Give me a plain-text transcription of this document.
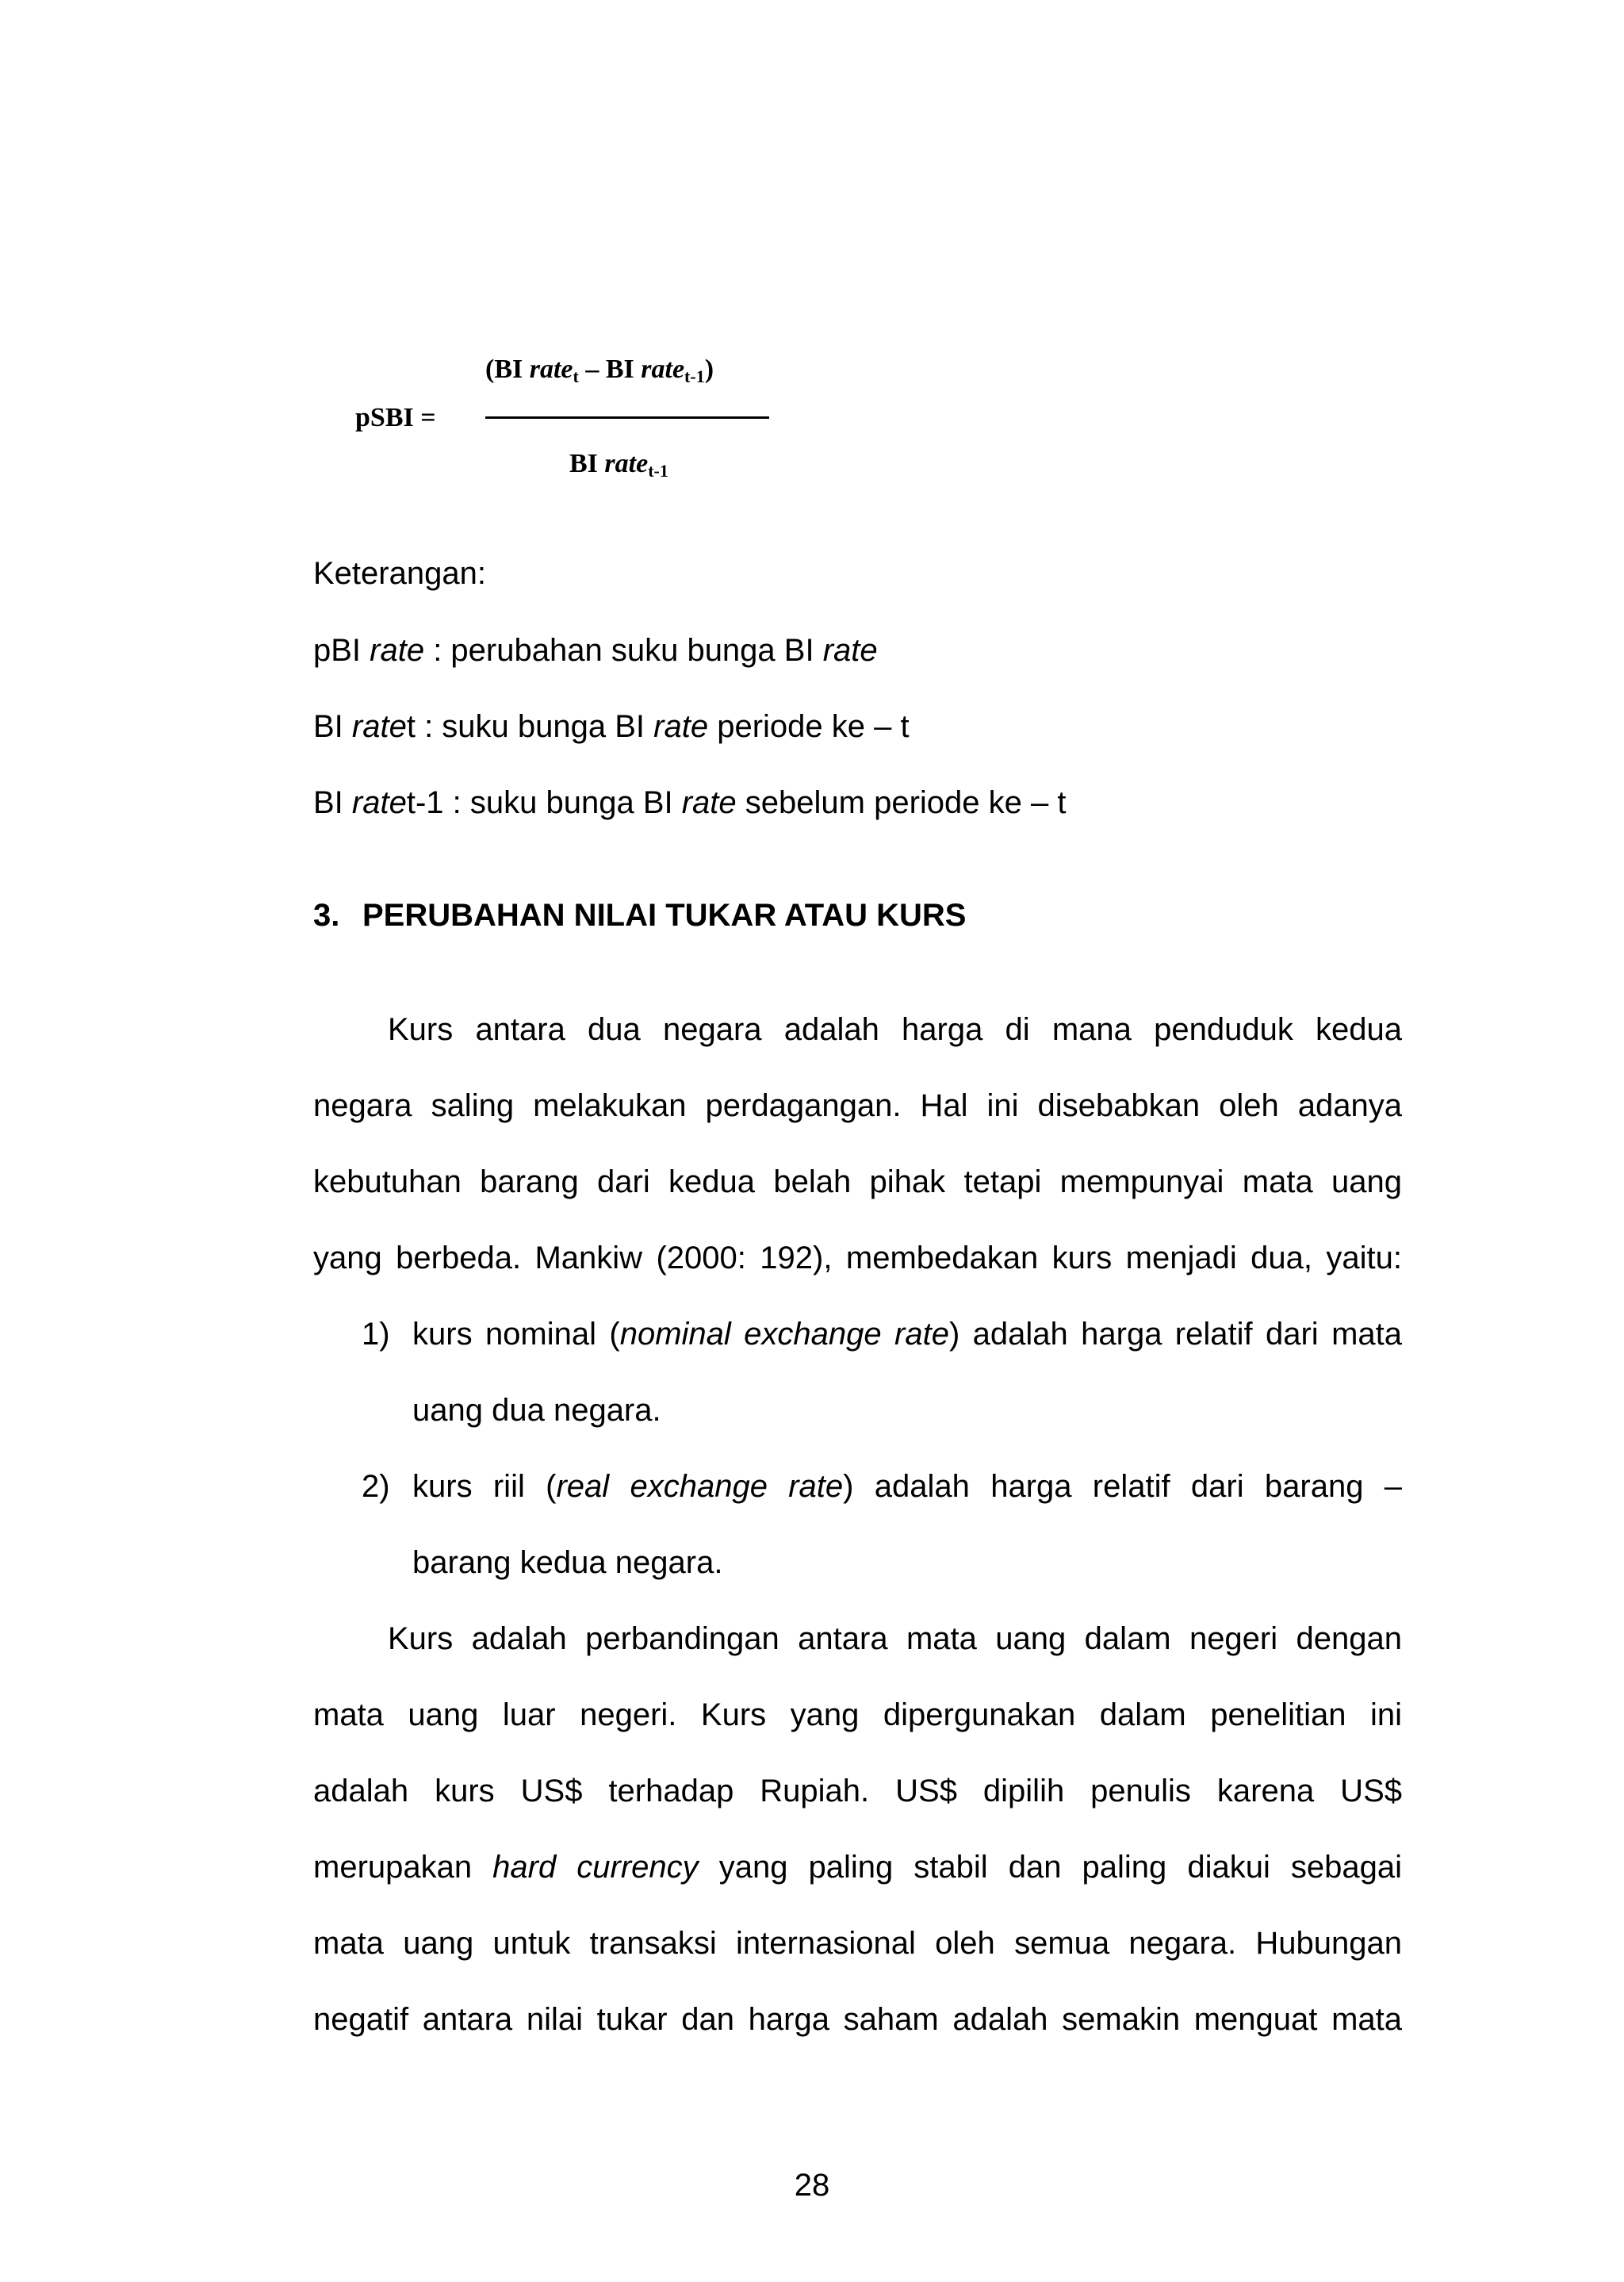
pSBI =
(BI rate$_t$ – BI rate$_{t-1}$)
BI rate$_{t-1}$
Keterangan:
pBI rate : perubahan suku bunga BI rate
BI ratet : suku bunga BI rate periode ke – t
BI ratet-1 : suku bunga BI rate sebelum periode ke – t
3. PERUBAHAN NILAI TUKAR ATAU KURS
Kurs antara dua negara adalah harga di mana penduduk kedua
negara saling melakukan perdagangan. Hal ini disebabkan oleh adanya
kebutuhan barang dari kedua belah pihak tetapi mempunyai mata uang
yang berbeda. Mankiw (2000: 192), membedakan kurs menjadi dua, yaitu:
1) kurs nominal (nominal exchange rate) adalah harga relatif dari mata
uang dua negara.
2) kurs riil (real exchange rate) adalah harga relatif dari barang –
barang kedua negara.
Kurs adalah perbandingan antara mata uang dalam negeri dengan
mata uang luar negeri. Kurs yang dipergunakan dalam penelitian ini
adalah kurs US$ terhadap Rupiah. US$ dipilih penulis karena US$
merupakan hard currency yang paling stabil dan paling diakui sebagai
mata uang untuk transaksi internasional oleh semua negara. Hubungan
negatif antara nilai tukar dan harga saham adalah semakin menguat mata
28
